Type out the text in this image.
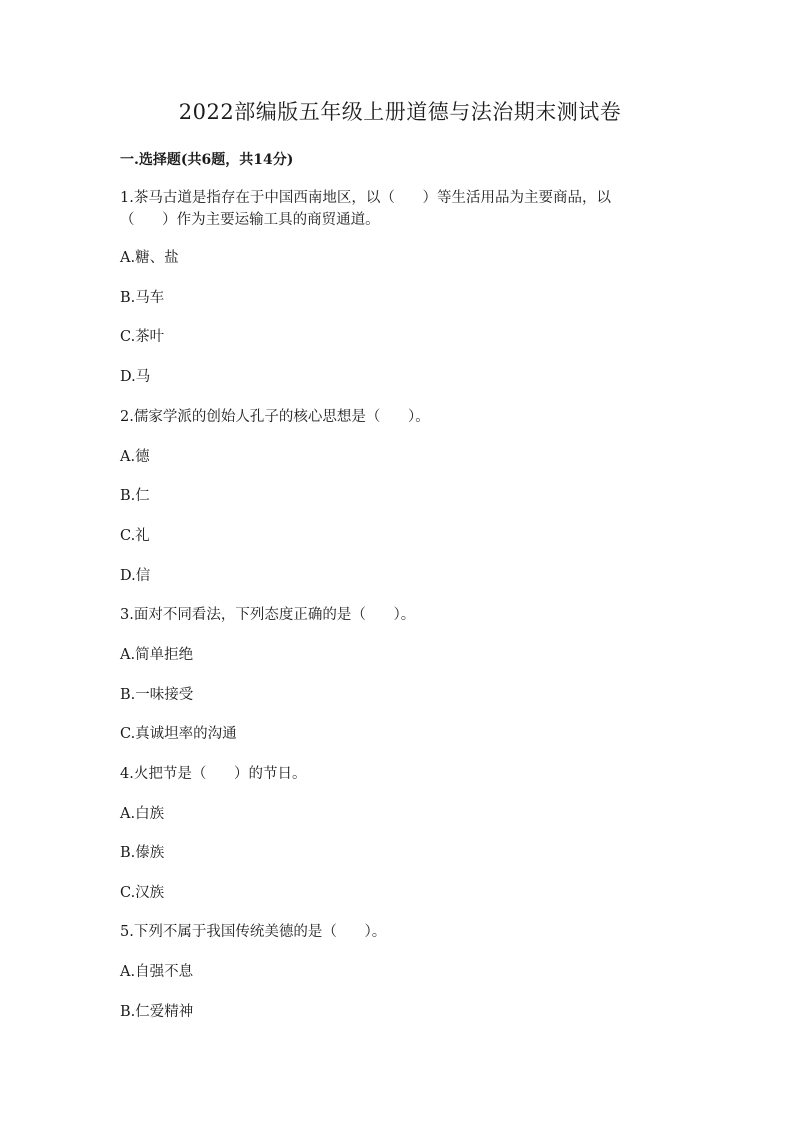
2022部编版五年级上册道德与法治期末测试卷
一.选择题(共6题，共14分)
1.茶马古道是指存在于中国西南地区，以（      ）等生活用品为主要商品，以
（      ）作为主要运输工具的商贸通道。
A.糖、盐
B.马车
C.茶叶
D.马
2.儒家学派的创始人孔子的核心思想是（      ）。
A.德
B.仁
C.礼
D.信
3.面对不同看法，下列态度正确的是（      ）。
A.简单拒绝
B.一味接受
C.真诚坦率的沟通
4.火把节是（      ）的节日。
A.白族
B.傣族
C.汉族
5.下列不属于我国传统美德的是（      ）。
A.自强不息
B.仁爱精神
